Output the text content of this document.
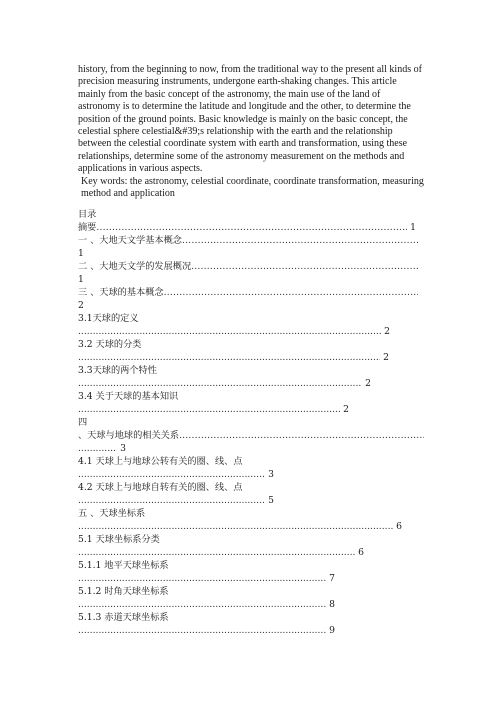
history, from the beginning to now, from the traditional way to the present all kinds of precision measuring instruments, undergone earth-shaking changes. This article mainly from the basic concept of the astronomy, the main use of the land of astronomy is to determine the latitude and longitude and the other, to determine the position of the ground points. Basic knowledge is mainly on the basic concept, the celestial sphere celestial&#39;s relationship with the earth and the relationship between the celestial coordinate system with earth and transformation, using these relationships, determine some of the astronomy measurement on the methods and applications in various aspects.

Key words: the astronomy, celestial coordinate, coordinate transformation, measuring method and application

目录
摘要
.....	1
一 、大地天文学基本概念
.....
1
二 、大地天文学的发展概况
.....
1
三 、天球的基本概念
.....
2
3.1天球的定义
.....
2
3.2 天球的分类
.....
2
3.3天球的两个特性
.....
2
3.4 关于天球的基本知识
.....
2
四
、天球与地球的相关关系
.....
.....
3
4.1 天球上与地球公转有关的圈、线、点
.....
3
4.2 天球上与地球自转有关的圈、线、点
.....
5
五 、天球坐标系
.....
6
5.1 天球坐标系分类
.....
6
5.1.1 地平天球坐标系
.....
7
5.1.2 时角天球坐标系
.....
8
5.1.3 赤道天球坐标系
.....
9
